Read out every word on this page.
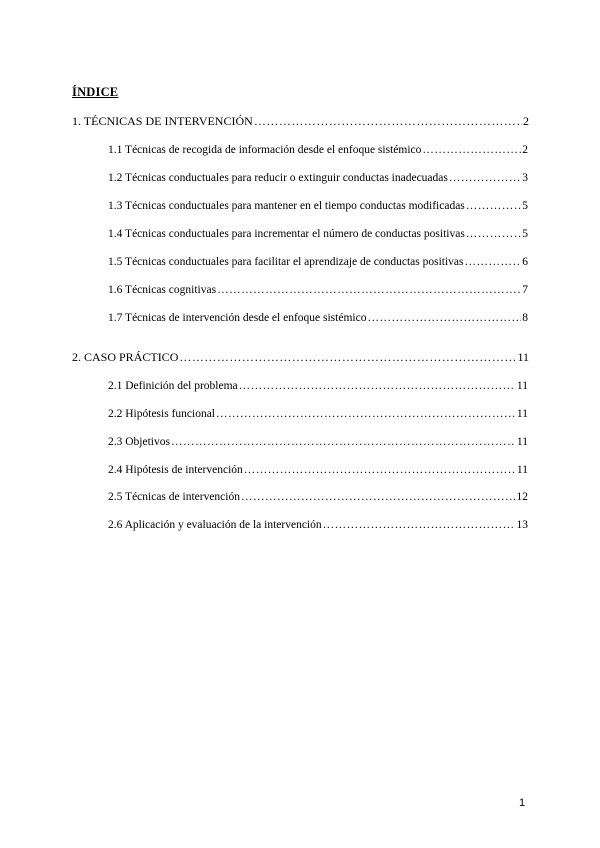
ÍNDICE
1. TÉCNICAS DE INTERVENCIÓN ……………………………………………………………………………………………………………………………………………………………	2
1.1 Técnicas de recogida de información desde el enfoque sistémico ……………………………………………………………………………………………………………………………………………………………	2
1.2 Técnicas conductuales para reducir o extinguir conductas inadecuadas ……………………………………………………………………………………………………………………………………………………………	3
1.3 Técnicas conductuales para mantener en el tiempo conductas modificadas ……………………………………………………………………………………………………………………………………………………………	5
1.4 Técnicas conductuales para incrementar el número de conductas positivas ……………………………………………………………………………………………………………………………………………………………	5
1.5 Técnicas conductuales para facilitar el aprendizaje de conductas positivas ……………………………………………………………………………………………………………………………………………………………	6
1.6 Técnicas cognitivas ……………………………………………………………………………………………………………………………………………………………	7
1.7 Técnicas de intervención desde el enfoque sistémico ……………………………………………………………………………………………………………………………………………………………	8
2. CASO PRÁCTICO ……………………………………………………………………………………………………………………………………………………………	11
2.1 Definición del problema ……………………………………………………………………………………………………………………………………………………………	11
2.2 Hipótesis funcional ……………………………………………………………………………………………………………………………………………………………	11
2.3 Objetivos ……………………………………………………………………………………………………………………………………………………………	11
2.4 Hipótesis de intervención ……………………………………………………………………………………………………………………………………………………………	11
2.5 Técnicas de intervención ……………………………………………………………………………………………………………………………………………………………	12
2.6 Aplicación y evaluación de la intervención ……………………………………………………………………………………………………………………………………………………………	13
1
